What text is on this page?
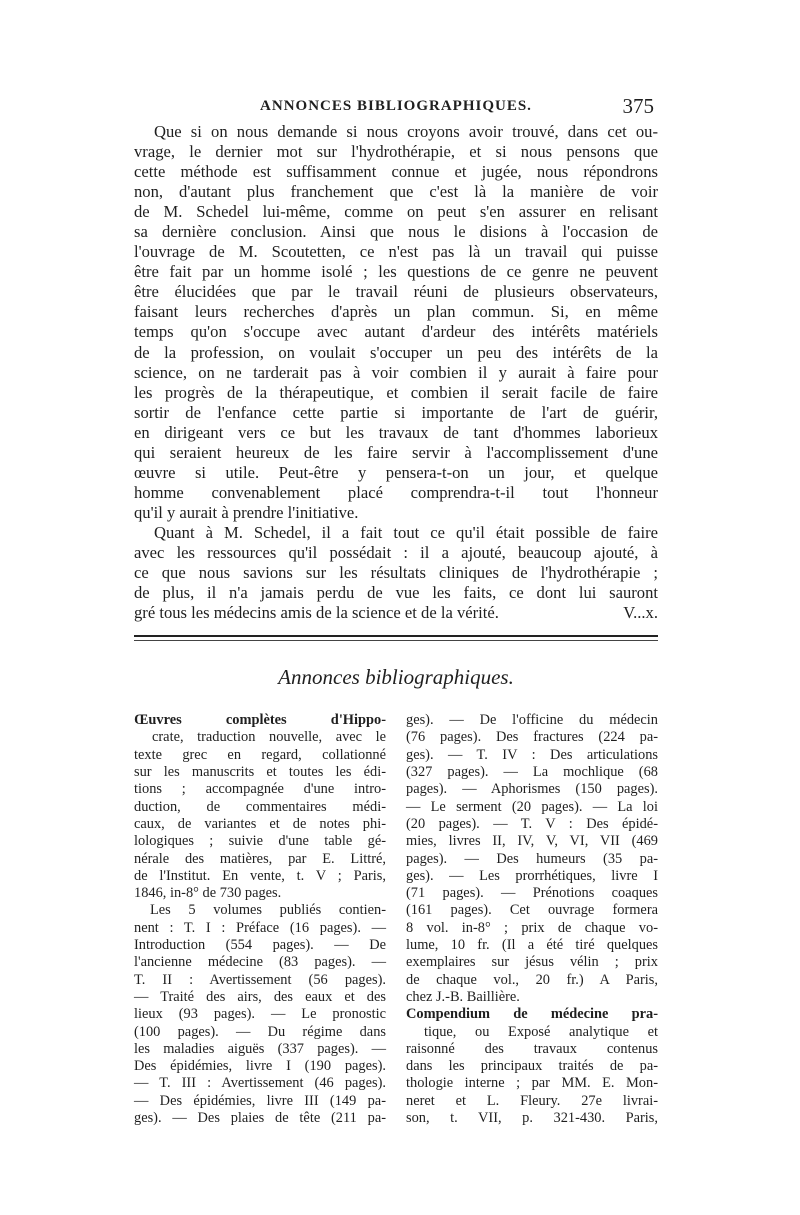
ANNONCES BIBLIOGRAPHIQUES.	375
Que si on nous demande si nous croyons avoir trouvé, dans cet ou-
vrage, le dernier mot sur l'hydrothérapie, et si nous pensons que
cette méthode est suffisamment connue et jugée, nous répondrons
non, d'autant plus franchement que c'est là la manière de voir
de M. Schedel lui-même, comme on peut s'en assurer en relisant
sa dernière conclusion. Ainsi que nous le disions à l'occasion de
l'ouvrage de M. Scoutetten, ce n'est pas là un travail qui puisse
être fait par un homme isolé ; les questions de ce genre ne peuvent
être élucidées que par le travail réuni de plusieurs observateurs,
faisant leurs recherches d'après un plan commun. Si, en même
temps qu'on s'occupe avec autant d'ardeur des intérêts matériels
de la profession, on voulait s'occuper un peu des intérêts de la
science, on ne tarderait pas à voir combien il y aurait à faire pour
les progrès de la thérapeutique, et combien il serait facile de faire
sortir de l'enfance cette partie si importante de l'art de guérir,
en dirigeant vers ce but les travaux de tant d'hommes laborieux
qui seraient heureux de les faire servir à l'accomplissement d'une
œuvre si utile. Peut-être y pensera-t-on un jour, et quelque
homme convenablement placé comprendra-t-il tout l'honneur
qu'il y aurait à prendre l'initiative.
Quant à M. Schedel, il a fait tout ce qu'il était possible de faire
avec les ressources qu'il possédait : il a ajouté, beaucoup ajouté, à
ce que nous savions sur les résultats cliniques de l'hydrothérapie ;
de plus, il n'a jamais perdu de vue les faits, ce dont lui sauront
gré tous les médecins amis de la science et de la vérité.	V...x.
Annonces bibliographiques.
Œuvres complètes d'Hippo-
crate, traduction nouvelle, avec le
texte grec en regard, collationné
sur les manuscrits et toutes les édi-
tions ; accompagnée d'une intro-
duction, de commentaires médi-
caux, de variantes et de notes phi-
lologiques ; suivie d'une table gé-
nérale des matières, par E. Littré,
de l'Institut. En vente, t. V ; Paris,
1846, in-8° de 730 pages.
Les 5 volumes publiés contien-
nent : T. I : Préface (16 pages). —
Introduction (554 pages). — De
l'ancienne médecine (83 pages). —
T. II : Avertissement (56 pages).
— Traité des airs, des eaux et des
lieux (93 pages). — Le pronostic
(100 pages). — Du régime dans
les maladies aiguës (337 pages). —
Des épidémies, livre I (190 pages).
— T. III : Avertissement (46 pages).
— Des épidémies, livre III (149 pa-
ges). — Des plaies de tête (211 pa-
ges). — De l'officine du médecin
(76 pages). Des fractures (224 pa-
ges). — T. IV : Des articulations
(327 pages). — La mochlique (68
pages). — Aphorismes (150 pages).
— Le serment (20 pages). — La loi
(20 pages). — T. V : Des épidé-
mies, livres II, IV, V, VI, VII (469
pages). — Des humeurs (35 pa-
ges). — Les prorrhétiques, livre I
(71 pages). — Prénotions coaques
(161 pages). Cet ouvrage formera
8 vol. in-8° ; prix de chaque vo-
lume, 10 fr. (Il a été tiré quelques
exemplaires sur jésus vélin ; prix
de chaque vol., 20 fr.) A Paris,
chez J.-B. Baillière.
Compendium de médecine pra-
tique, ou Exposé analytique et
raisonné des travaux contenus
dans les principaux traités de pa-
thologie interne ; par MM. E. Mon-
neret et L. Fleury. 27e livrai-
son, t. VII, p. 321-430. Paris,
